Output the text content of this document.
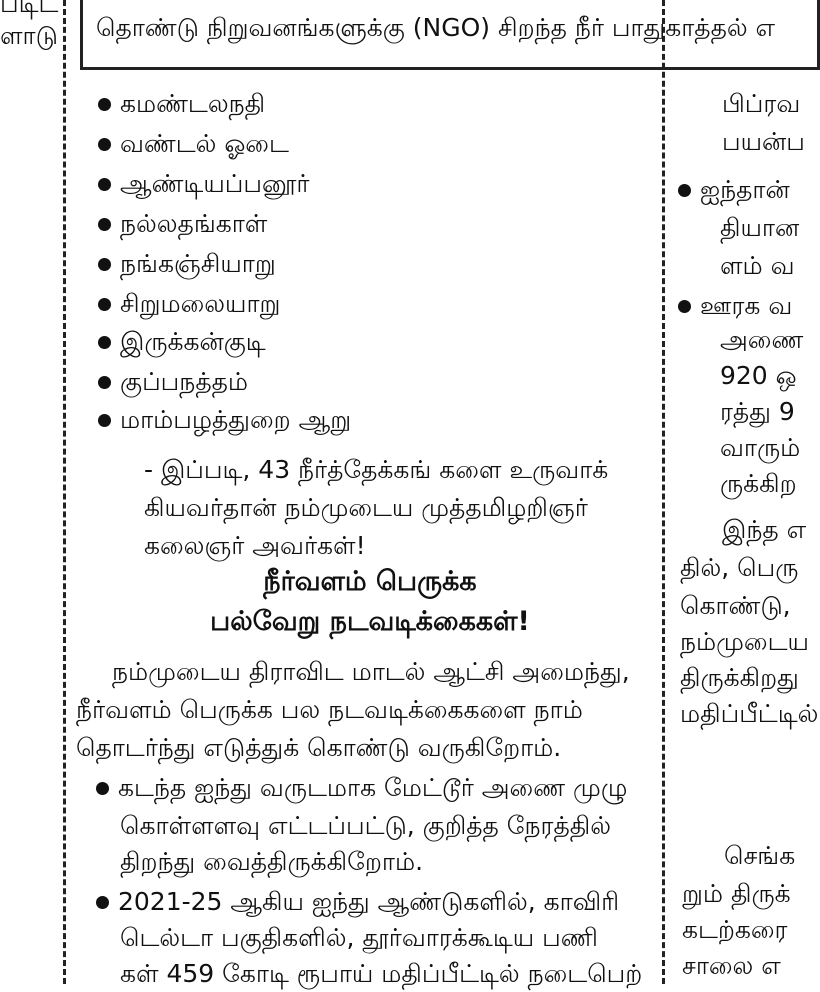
படிட
ளாடு தொண்டு நிறுவனங்களுக்கு (NGO) சிறந்த நீர் பாதுகாத்தல் எ
கமண்டலநதி
வண்டல் ஓடை
ஆண்டியப்பனூர்
நல்லதங்காள்
நங்கஞ்சியாறு
சிறுமலையாறு
இருக்கன்குடி
குப்பநத்தம்
மாம்பழத்துறை ஆறு
- இப்படி, 43 நீர்த்தேக்கங் களை உருவாக்
கியவர்தான் நம்முடைய முத்தமிழறிஞர்
கலைஞர் அவர்கள்!
நீர்வளம் பெருக்க
பல்வேறு நடவடிக்கைகள்!
நம்முடைய திராவிட மாடல் ஆட்சி அமைந்து,
நீர்வளம் பெருக்க பல நடவடிக்கைகளை நாம்
தொடர்ந்து எடுத்துக் கொண்டு வருகிறோம்.
கடந்த ஐந்து வருடமாக மேட்டூர் அணை முழு
கொள்ளளவு எட்டப்பட்டு, குறித்த நேரத்தில்
திறந்து வைத்திருக்கிறோம்.
2021-25 ஆகிய ஐந்து ஆண்டுகளில், காவிரி
டெல்டா பகுதிகளில், தூர்வாரக்கூடிய பணி
கள் 459 கோடி ரூபாய் மதிப்பீட்டில் நடைபெற்
பிப்ரவ
பயன்ப
ஐந்தான்
தியான
ளம் வ
ஊரக வ
அணை
920 ஒ
ரத்து 9
வாரும்
ருக்கிற
இந்த எ
தில், பெரு
கொண்டு,
நம்முடைய
திருக்கிறது
மதிப்பீட்டில்
செங்க
றும் திருக்
கடற்கரை
சாலை எ
